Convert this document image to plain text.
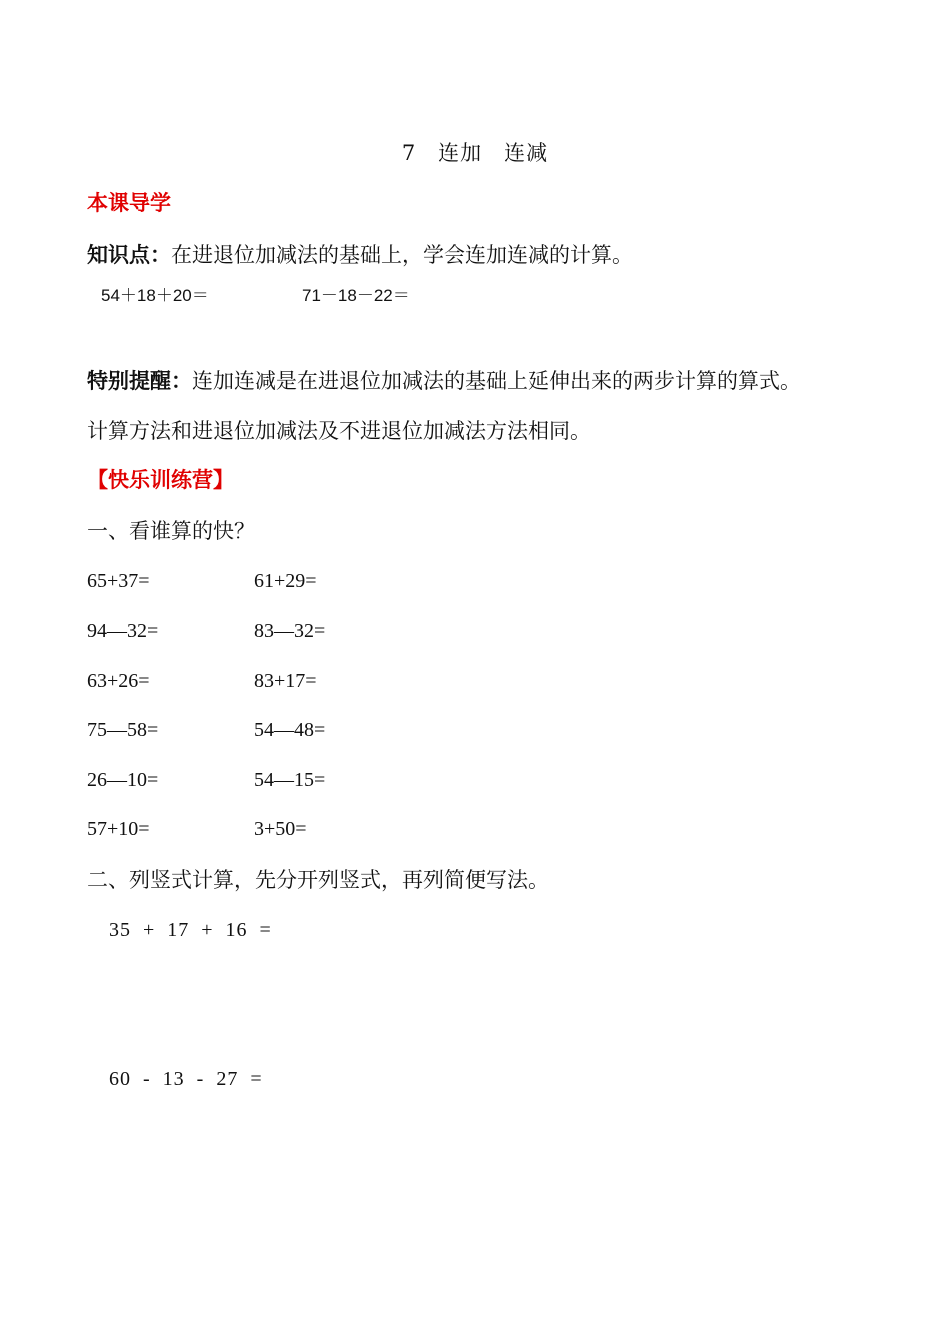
7　连加　连减
本课导学
知识点：在进退位加减法的基础上，学会连加连减的计算。
54＋18＋20＝	71－18－22＝
特别提醒：连加连减是在进退位加减法的基础上延伸出来的两步计算的算式。
计算方法和进退位加减法及不进退位加减法方法相同。
【快乐训练营】
一、看谁算的快？
65+37=	61+29=
94—32=	83—32=
63+26=	83+17=
75—58=	54—48=
26—10=	54—15=
57+10=	3+50=
二、列竖式计算，先分开列竖式，再列简便写法。
35 + 17 + 16 =
60 - 13 - 27 =
